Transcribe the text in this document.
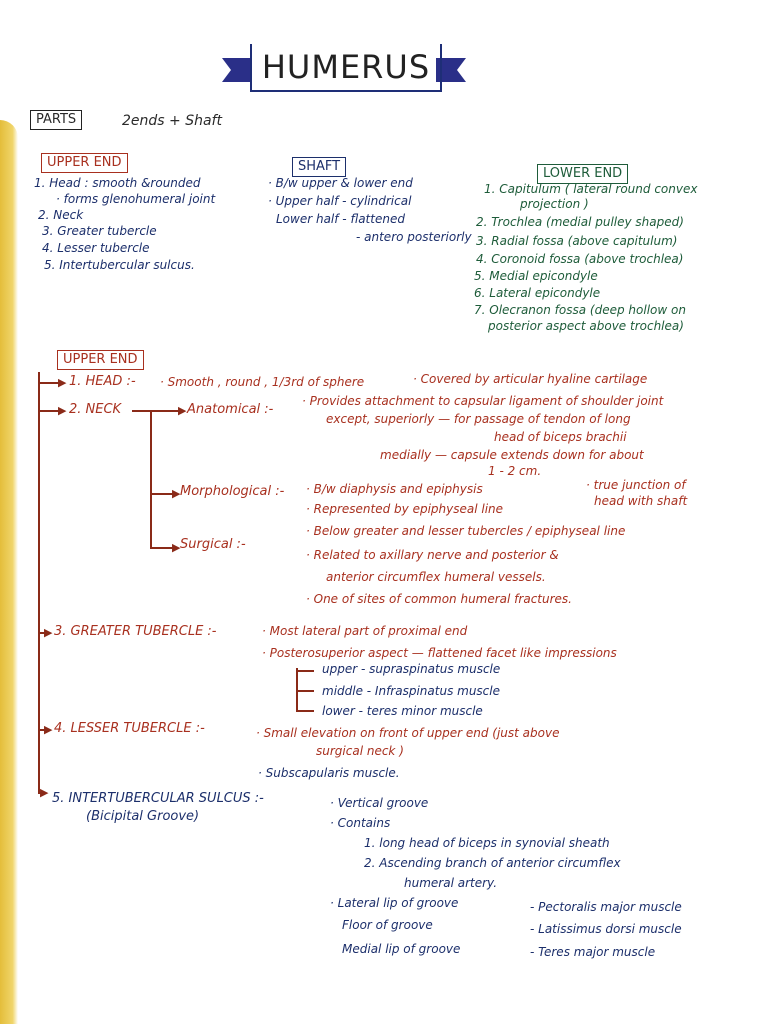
HUMERUS
PARTS	2ends + Shaft
UPPER END
1. Head : smooth &rounded
· forms glenohumeral joint
2. Neck
3. Greater tubercle
4. Lesser tubercle
5. Intertubercular sulcus.
SHAFT
· B/w upper & lower end
· Upper half - cylindrical
Lower half - flattened
- antero posteriorly
LOWER END
1. Capitulum ( lateral round convex
projection )
2. Trochlea (medial pulley shaped)
3. Radial fossa (above capitulum)
4. Coronoid fossa (above trochlea)
5. Medial epicondyle
6. Lateral epicondyle
7. Olecranon fossa (deep hollow on
posterior aspect above trochlea)
UPPER END
▶ 1. HEAD :- · Smooth , round , 1/3rd of sphere	· Covered by articular hyaline cartilage
▶ 2. NECK	▶ Anatomical :-
· Provides attachment to capsular ligament of shoulder joint
except, superiorly — for passage of tendon of long
head of biceps brachii
medially — capsule extends down for about
1 - 2 cm.
▶ Morphological :- · B/w diaphysis and epiphysis
· Represented by epiphyseal line
· true junction of
head with shaft
▶ Surgical :-
· Below greater and lesser tubercles / epiphyseal line
· Related to axillary nerve and posterior &
anterior circumflex humeral vessels.
· One of sites of common humeral fractures.
▶ 3. GREATER TUBERCLE :-	· Most lateral part of proximal end
· Posterosuperior aspect — flattened facet like impressions
upper - supraspinatus muscle
middle - Infraspinatus muscle
lower - teres minor muscle
▶ 4. LESSER TUBERCLE :-	· Small elevation on front of upper end (just above
surgical neck )
· Subscapularis muscle.
▶ 5. INTERTUBERCULAR SULCUS :-
(Bicipital Groove)
· Vertical groove
· Contains
1. long head of biceps in synovial sheath
2. Ascending branch of anterior circumflex
humeral artery.
· Lateral lip of groove	- Pectoralis major muscle
Floor of groove	- Latissimus dorsi muscle
Medial lip of groove	- Teres major muscle
